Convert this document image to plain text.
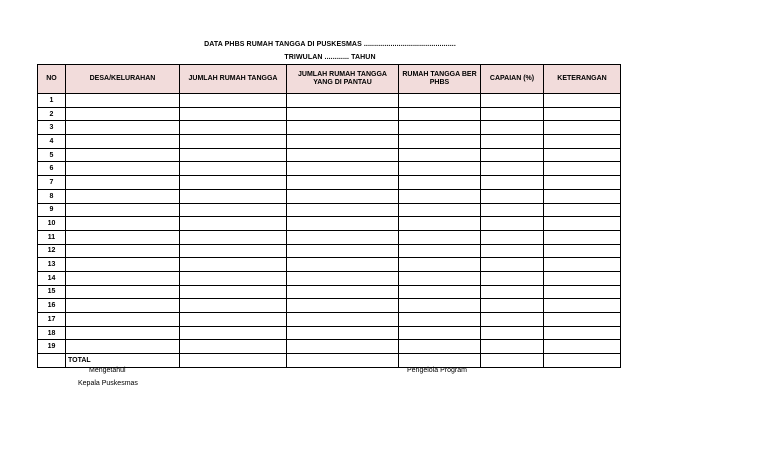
DATA PHBS RUMAH TANGGA DI PUSKESMAS .............................................
TRIWULAN ............ TAHUN
NO	DESA/KELURAHAN	JUMLAH RUMAH TANGGA	JUMLAH RUMAH TANGGA YANG DI PANTAU	RUMAH TANGGA BER PHBS	CAPAIAN (%)	KETERANGAN
1						
2						
3						
4						
5						
6						
7						
8						
9						
10						
11						
12						
13						
14						
15						
16						
17						
18						
19						
	TOTAL					
Mengetahui
Kepala Puskesmas
Pengelola Program
